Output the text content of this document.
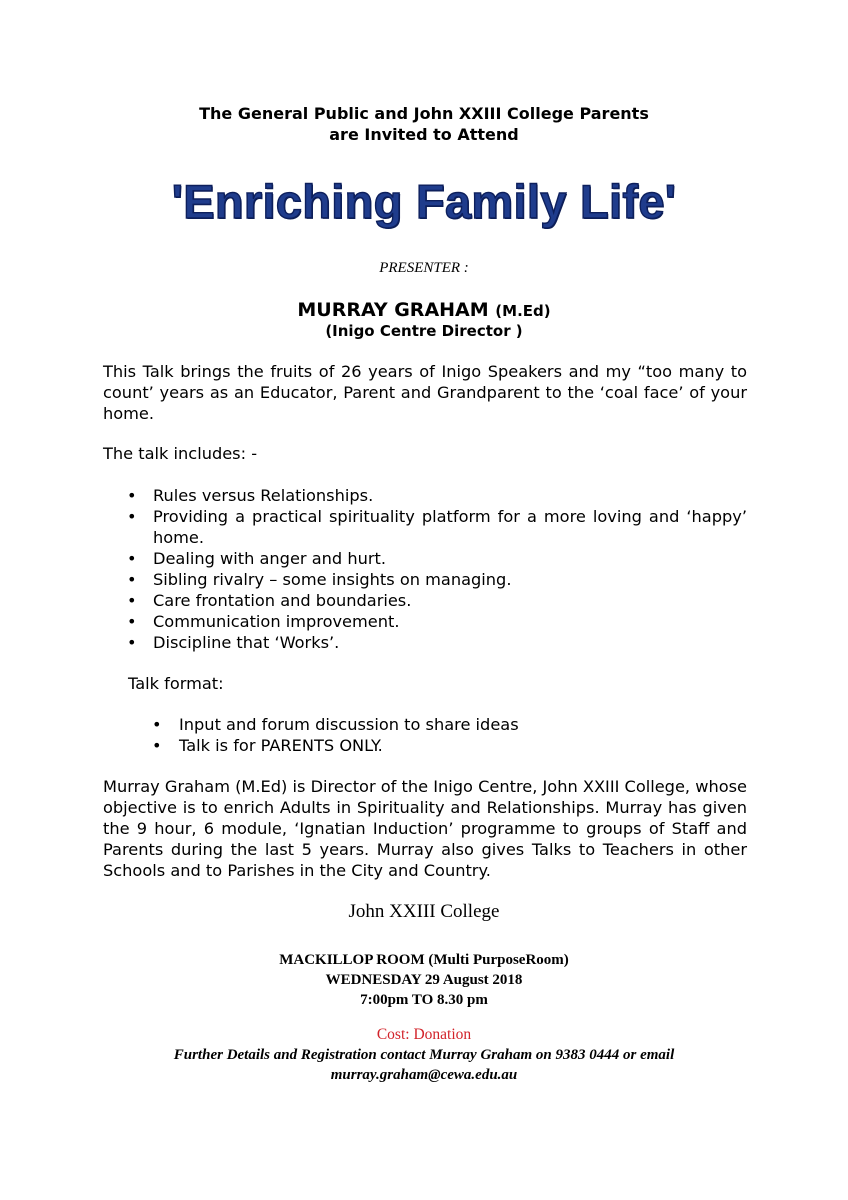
The General Public and John XXIII College Parents
are Invited to Attend
'Enriching Family Life'
PRESENTER :
MURRAY GRAHAM (M.Ed)
(Inigo Centre Director )
This Talk brings the fruits of 26 years of Inigo Speakers and my “too many to count’ years as an Educator, Parent and Grandparent to the ‘coal face’ of your home.
The talk includes: -
• Rules versus Relationships.
• Providing a practical spirituality platform for a more loving and ‘happy’ home.
• Dealing with anger and hurt.
• Sibling rivalry – some insights on managing.
• Care frontation and boundaries.
• Communication improvement.
• Discipline that ‘Works’.
Talk format:
• Input and forum discussion to share ideas
• Talk is for PARENTS ONLY.
Murray Graham (M.Ed) is Director of the Inigo Centre, John XXIII College, whose objective is to enrich Adults in Spirituality and Relationships. Murray has given the 9 hour, 6 module, ‘Ignatian Induction’ programme to groups of Staff and Parents during the last 5 years. Murray also gives Talks to Teachers in other Schools and to Parishes in the City and Country.
John XXIII College
MACKILLOP ROOM (Multi PurposeRoom)
WEDNESDAY 29 August 2018
7:00pm TO 8.30 pm
Cost: Donation
Further Details and Registration contact Murray Graham on 9383 0444 or email
murray.graham@cewa.edu.au
